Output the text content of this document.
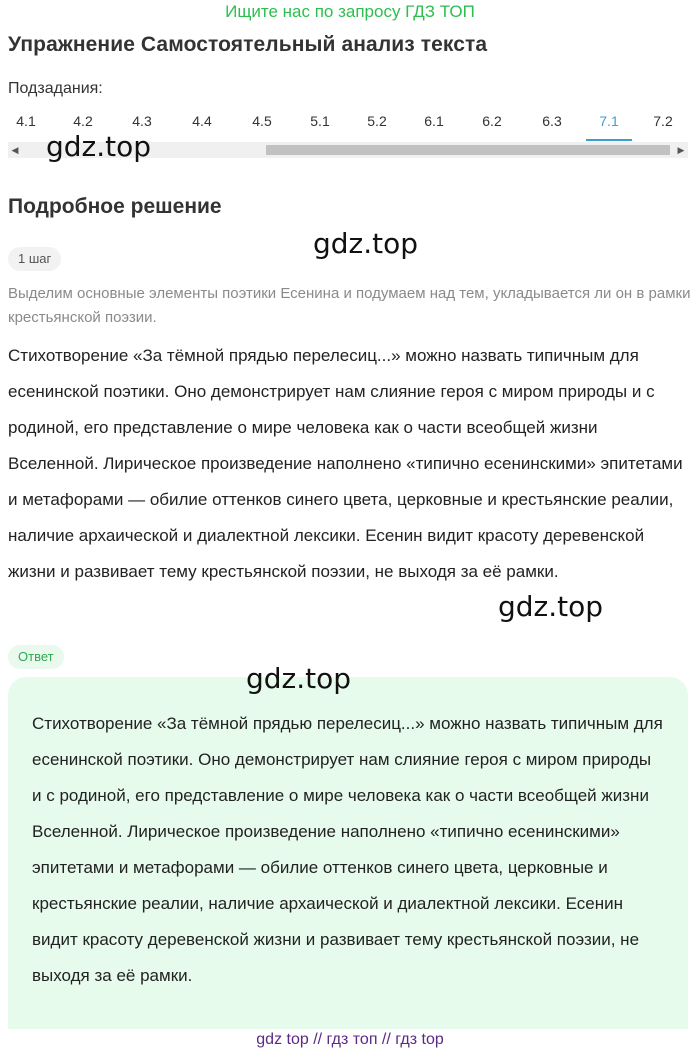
Ищите нас по запросу ГДЗ ТОП
Упражнение Самостоятельный анализ текста
Подзадания:
4.1	4.2	4.3	4.4	4.5	5.1	5.2	6.1	6.2	6.3	7.1	7.2
◀	▶
gdz.top
Подробное решение
gdz.top
1 шаг
Выделим основные элементы поэтики Есенина и подумаем над тем, укладывается ли он в рамки крестьянской поэзии.
Стихотворение «За тёмной прядью перелесиц...» можно назвать типичным для есенинской поэтики. Оно демонстрирует нам слияние героя с миром природы и с родиной, его представление о мире человека как о части всеобщей жизни Вселенной. Лирическое произведение наполнено «типично есенинскими» эпитетами и метафорами — обилие оттенков синего цвета, церковные и крестьянские реалии, наличие архаической и диалектной лексики. Есенин видит красоту деревенской жизни и развивает тему крестьянской поэзии, не выходя за её рамки.
gdz.top
Ответ
Стихотворение «За тёмной прядью перелесиц...» можно назвать типичным для есенинской поэтики. Оно демонстрирует нам слияние героя с миром природы и с родиной, его представление о мире человека как о части всеобщей жизни Вселенной. Лирическое произведение наполнено «типично есенинскими» эпитетами и метафорами — обилие оттенков синего цвета, церковные и крестьянские реалии, наличие архаической и диалектной лексики. Есенин видит красоту деревенской жизни и развивает тему крестьянской поэзии, не выходя за её рамки.
gdz.top
gdz top // гдз топ // гдз top
